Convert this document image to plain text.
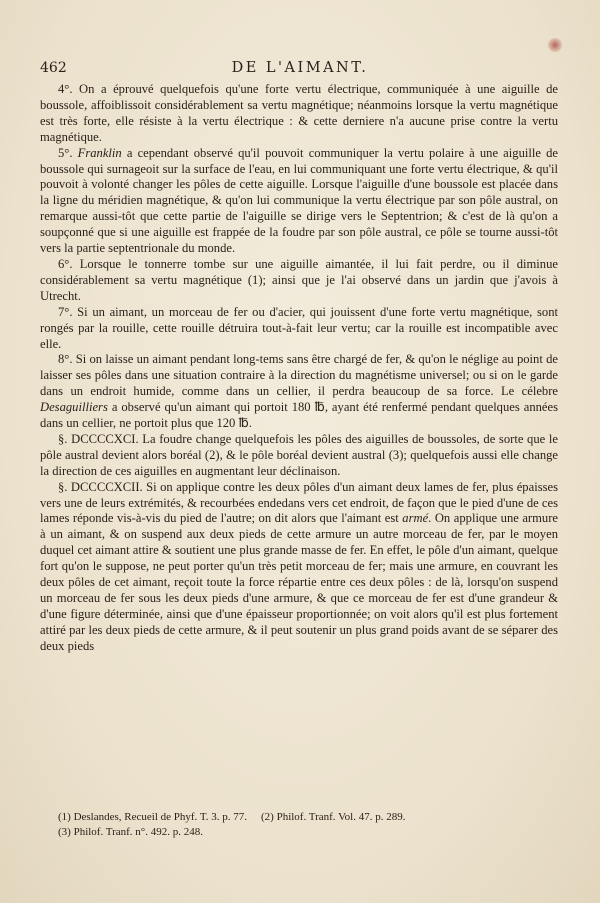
462	DE L'AIMANT.

4°. On a éprouvé quelquefois qu'une forte vertu électrique, communiquée à une aiguille de boussole, affoiblissoit considérablement sa vertu magnétique; néanmoins lorsque la vertu magnétique est très forte, elle résiste à la vertu électrique : & cette derniere n'a aucune prise contre la vertu magnétique.

5°. Franklin a cependant observé qu'il pouvoit communiquer la vertu polaire à une aiguille de boussole qui surnageoit sur la surface de l'eau, en lui communiquant une forte vertu électrique, & qu'il pouvoit à volonté changer les pôles de cette aiguille. Lorsque l'aiguille d'une boussole est placée dans la ligne du méridien magnétique, & qu'on lui communique la vertu électrique par son pôle austral, on remarque aussi-tôt que cette partie de l'aiguille se dirige vers le Septentrion; & c'est de là qu'on a soupçonné que si une aiguille est frappée de la foudre par son pôle austral, ce pôle se tourne aussi-tôt vers la partie septentrionale du monde.

6°. Lorsque le tonnerre tombe sur une aiguille aimantée, il lui fait perdre, ou il diminue considérablement sa vertu magnétique (1); ainsi que je l'ai observé dans un jardin que j'avois à Utrecht.

7°. Si un aimant, un morceau de fer ou d'acier, qui jouissent d'une forte vertu magnétique, sont rongés par la rouille, cette rouille détruira tout-à-fait leur vertu; car la rouille est incompatible avec elle.

8°. Si on laisse un aimant pendant long-tems sans être chargé de fer, & qu'on le néglige au point de laisser ses pôles dans une situation contraire à la direction du magnétisme universel; ou si on le garde dans un endroit humide, comme dans un cellier, il perdra beaucoup de sa force. Le célebre Desaguilliers a observé qu'un aimant qui portoit 180 ℔, ayant été renfermé pendant quelques années dans un cellier, ne portoit plus que 120 ℔.

§. DCCCCXCI. La foudre change quelquefois les pôles des aiguilles de boussoles, de sorte que le pôle austral devient alors boréal (2), & le pôle boréal devient austral (3); quelquefois aussi elle change la direction de ces aiguilles en augmentant leur déclinaison.

§. DCCCCXCII. Si on applique contre les deux pôles d'un aimant deux lames de fer, plus épaisses vers une de leurs extrémités, & recourbées endedans vers cet endroit, de façon que le pied d'une de ces lames réponde vis-à-vis du pied de l'autre; on dit alors que l'aimant est armé. On applique une armure à un aimant, & on suspend aux deux pieds de cette armure un autre morceau de fer, par le moyen duquel cet aimant attire & soutient une plus grande masse de fer. En effet, le pôle d'un aimant, quelque fort qu'on le suppose, ne peut porter qu'un très petit morceau de fer; mais une armure, en couvrant les deux pôles de cet aimant, reçoit toute la force répartie entre ces deux pôles : de là, lorsqu'on suspend un morceau de fer sous les deux pieds d'une armure, & que ce morceau de fer est d'une grandeur & d'une figure déterminée, ainsi que d'une épaisseur proportionnée; on voit alors qu'il est plus fortement attiré par les deux pieds de cette armure, & il peut soutenir un plus grand poids avant de se séparer des deux pieds

(1) Deslandes, Recueil de Phyf. T. 3. p. 77. (2) Philof. Tranf. Vol. 47. p. 289.
(3) Philof. Tranf. n°. 492. p. 248.
